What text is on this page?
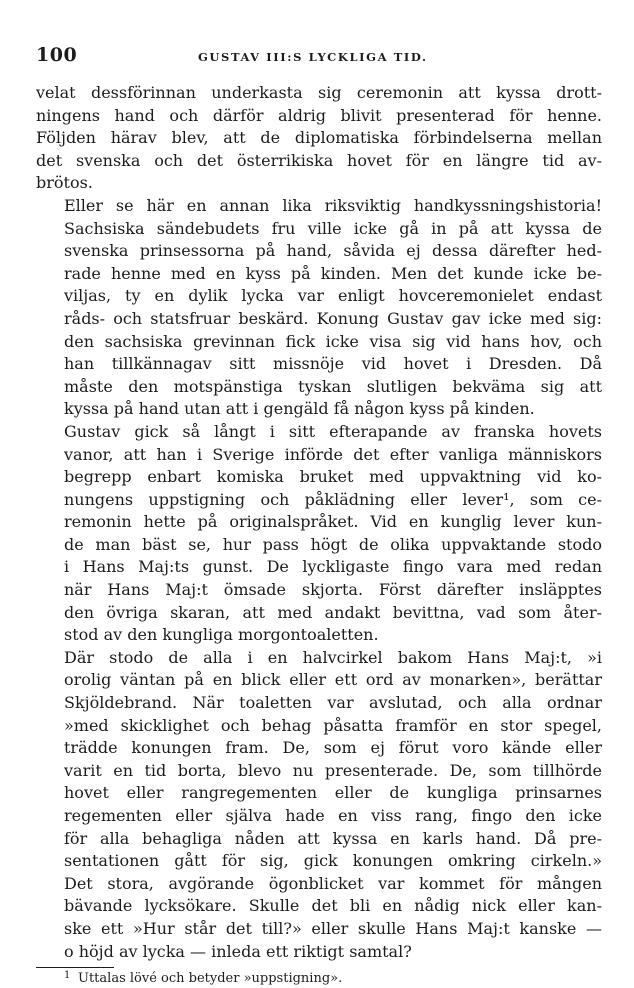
100	GUSTAV III:S LYCKLIGA TID.

velat dessförinnan underkasta sig ceremonin att kyssa drott-
ningens hand och därför aldrig blivit presenterad för henne.
Följden härav blev, att de diplomatiska förbindelserna mellan
det svenska och det österrikiska hovet för en längre tid av-
brötos.

Eller se här en annan lika riksviktig handkyssningshistoria!
Sachsiska sändebudets fru ville icke gå in på att kyssa de
svenska prinsessorna på hand, såvida ej dessa därefter hed-
rade henne med en kyss på kinden. Men det kunde icke be-
viljas, ty en dylik lycka var enligt hovceremonielet endast
råds- och statsfruar beskärd. Konung Gustav gav icke med sig:
den sachsiska grevinnan fick icke visa sig vid hans hov, och
han tillkännagav sitt missnöje vid hovet i Dresden. Då
måste den motspänstiga tyskan slutligen bekväma sig att
kyssa på hand utan att i gengäld få någon kyss på kinden.

Gustav gick så långt i sitt efterapande av franska hovets
vanor, att han i Sverige införde det efter vanliga människors
begrepp enbart komiska bruket med uppvaktning vid ko-
nungens uppstigning och påklädning eller lever¹, som ce-
remonin hette på originalspråket. Vid en kunglig lever kun-
de man bäst se, hur pass högt de olika uppvaktande stodo
i Hans Maj:ts gunst. De lyckligaste fingo vara med redan
när Hans Maj:t ömsade skjorta. Först därefter insläpptes
den övriga skaran, att med andakt bevittna, vad som åter-
stod av den kungliga morgontoaletten.

Där stodo de alla i en halvcirkel bakom Hans Maj:t, »i
orolig väntan på en blick eller ett ord av monarken», berättar
Skjöldebrand. När toaletten var avslutad, och alla ordnar
»med skicklighet och behag påsatta framför en stor spegel,
trädde konungen fram. De, som ej förut voro kände eller
varit en tid borta, blevo nu presenterade. De, som tillhörde
hovet eller rangregementen eller de kungliga prinsarnes
regementen eller själva hade en viss rang, fingo den icke
för alla behagliga nåden att kyssa en karls hand. Då pre-
sentationen gått för sig, gick konungen omkring cirkeln.»
Det stora, avgörande ögonblicket var kommet för mången
bävande lycksökare. Skulle det bli en nådig nick eller kan-
ske ett »Hur står det till?» eller skulle Hans Maj:t kanske —
o höjd av lycka — inleda ett riktigt samtal?

1 Uttalas lövé och betyder »uppstigning».
